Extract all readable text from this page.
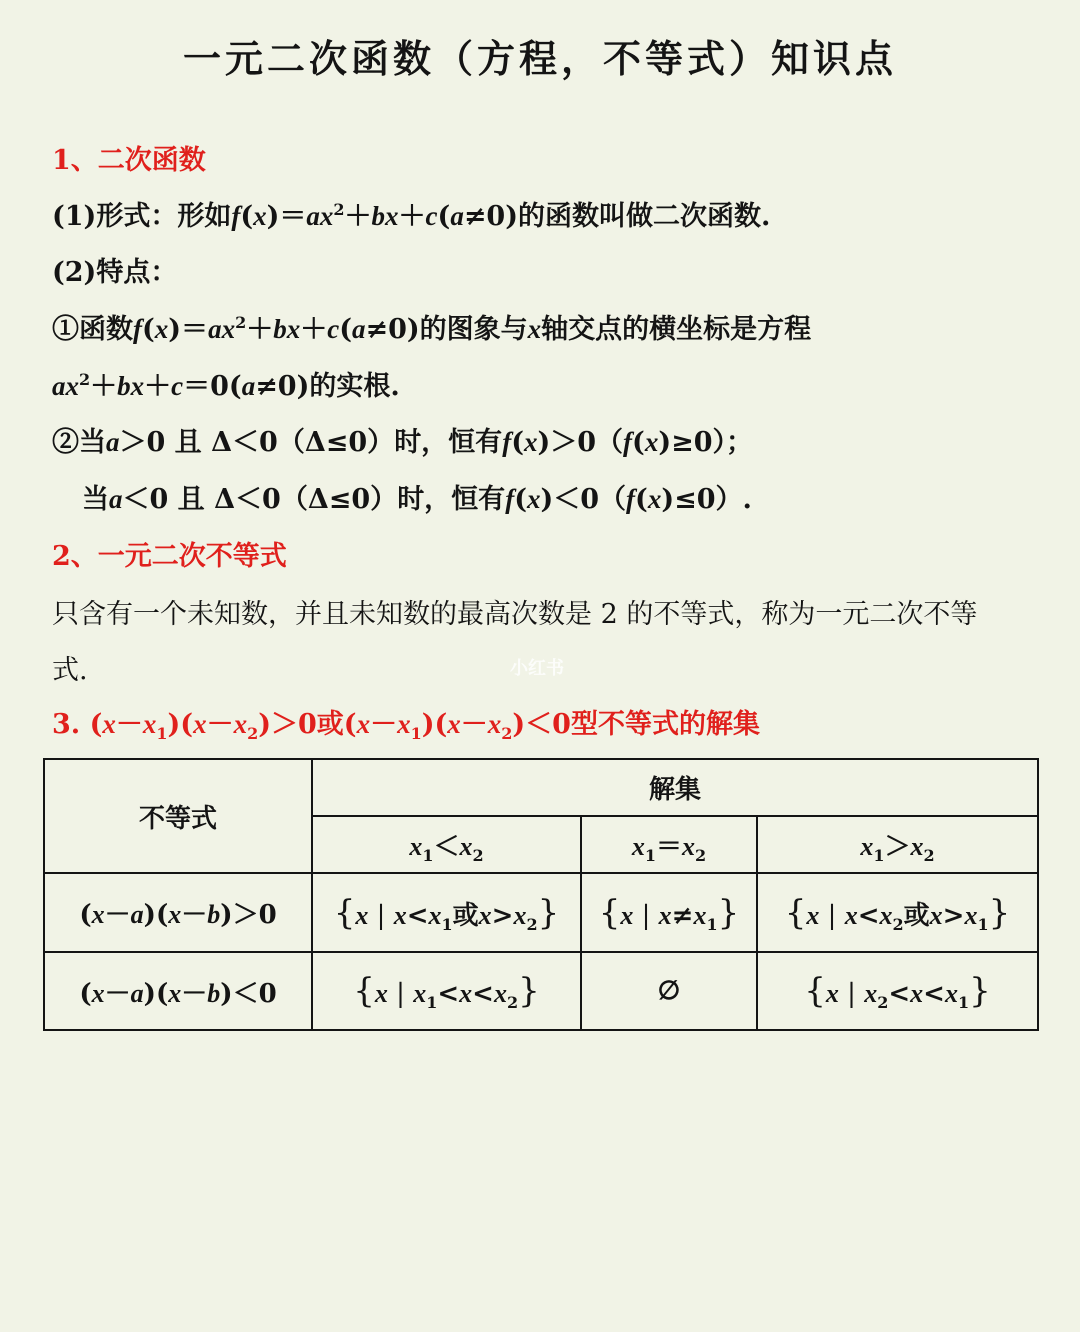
一元二次函数（方程，不等式）知识点
1、二次函数
(1)形式：形如$f(x)=ax^2+bx+c(a\ne 0)$的函数叫做二次函数.
(2)特点：
①函数$f(x)=ax^2+bx+c(a\ne 0)$的图象与x轴交点的横坐标是方程
$ax^2+bx+c=0(a\ne 0)$的实根.
②当a＞0 且 Δ＜0（Δ≤0）时，恒有f(x)＞0（f(x)≥0）；
当a＜0 且 Δ＜0（Δ≤0）时，恒有f(x)＜0（f(x)≤0）.
2、一元二次不等式
只含有一个未知数，并且未知数的最高次数是 2 的不等式，称为一元二次不等
式.	小红书
3. $(x-x_1)(x-x_2)>0$或$(x-x_1)(x-x_2)<0$型不等式的解集
不等式	解集		
	$x_1<x_2$	$x_1=x_2$	$x_1>x_2$
(x－a)(x－b)＞0	{x | $x<x_1$或$x>x_2$}	{x | $x\ne x_1$}	{x | $x<x_2$或$x>x_1$}
(x－a)(x－b)＜0	{x | $x_1<x<x_2$}	∅	{x | $x_2<x<x_1$}
